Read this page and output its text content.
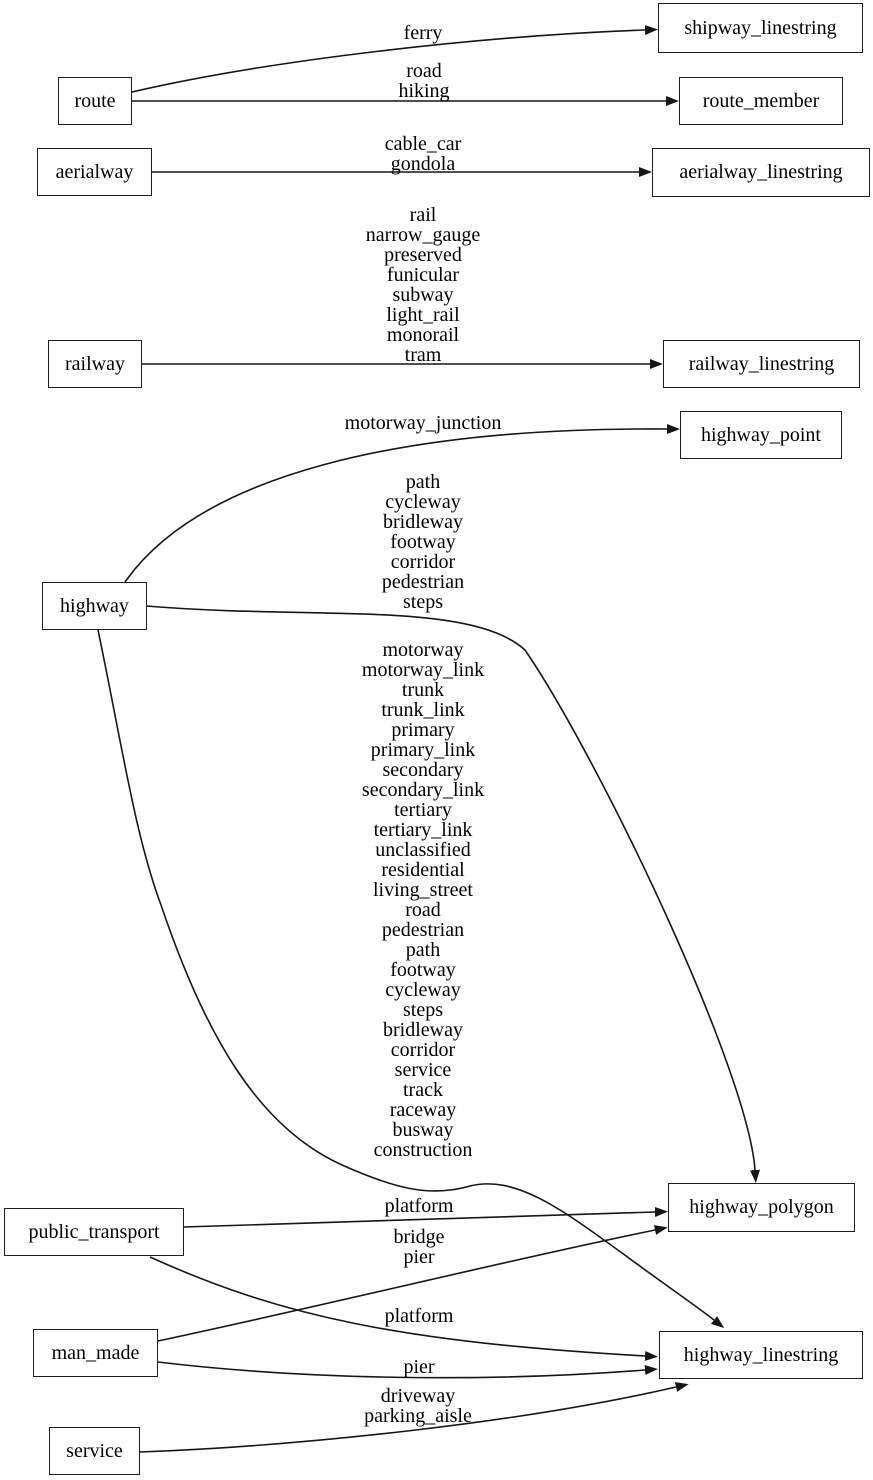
route
shipway_linestring
route_member
aerialway	aerialway_linestring
railway	railway_linestring
highway
highway_point
highway_polygon
public_transport
man_made
service
highway_linestring
ferry
road
hiking
cable_car
gondola
rail
narrow_gauge
preserved
funicular
subway
light_rail
monorail
tram
motorway_junction
path
cycleway
bridleway
footway
corridor
pedestrian
steps
motorway
motorway_link
trunk
trunk_link
primary
primary_link
secondary
secondary_link
tertiary
tertiary_link
unclassified
residential
living_street
road
pedestrian
path
footway
cycleway
steps
bridleway
corridor
service
track
raceway
busway
construction
platform
bridge
pier
platform
pier
driveway
parking_aisle
